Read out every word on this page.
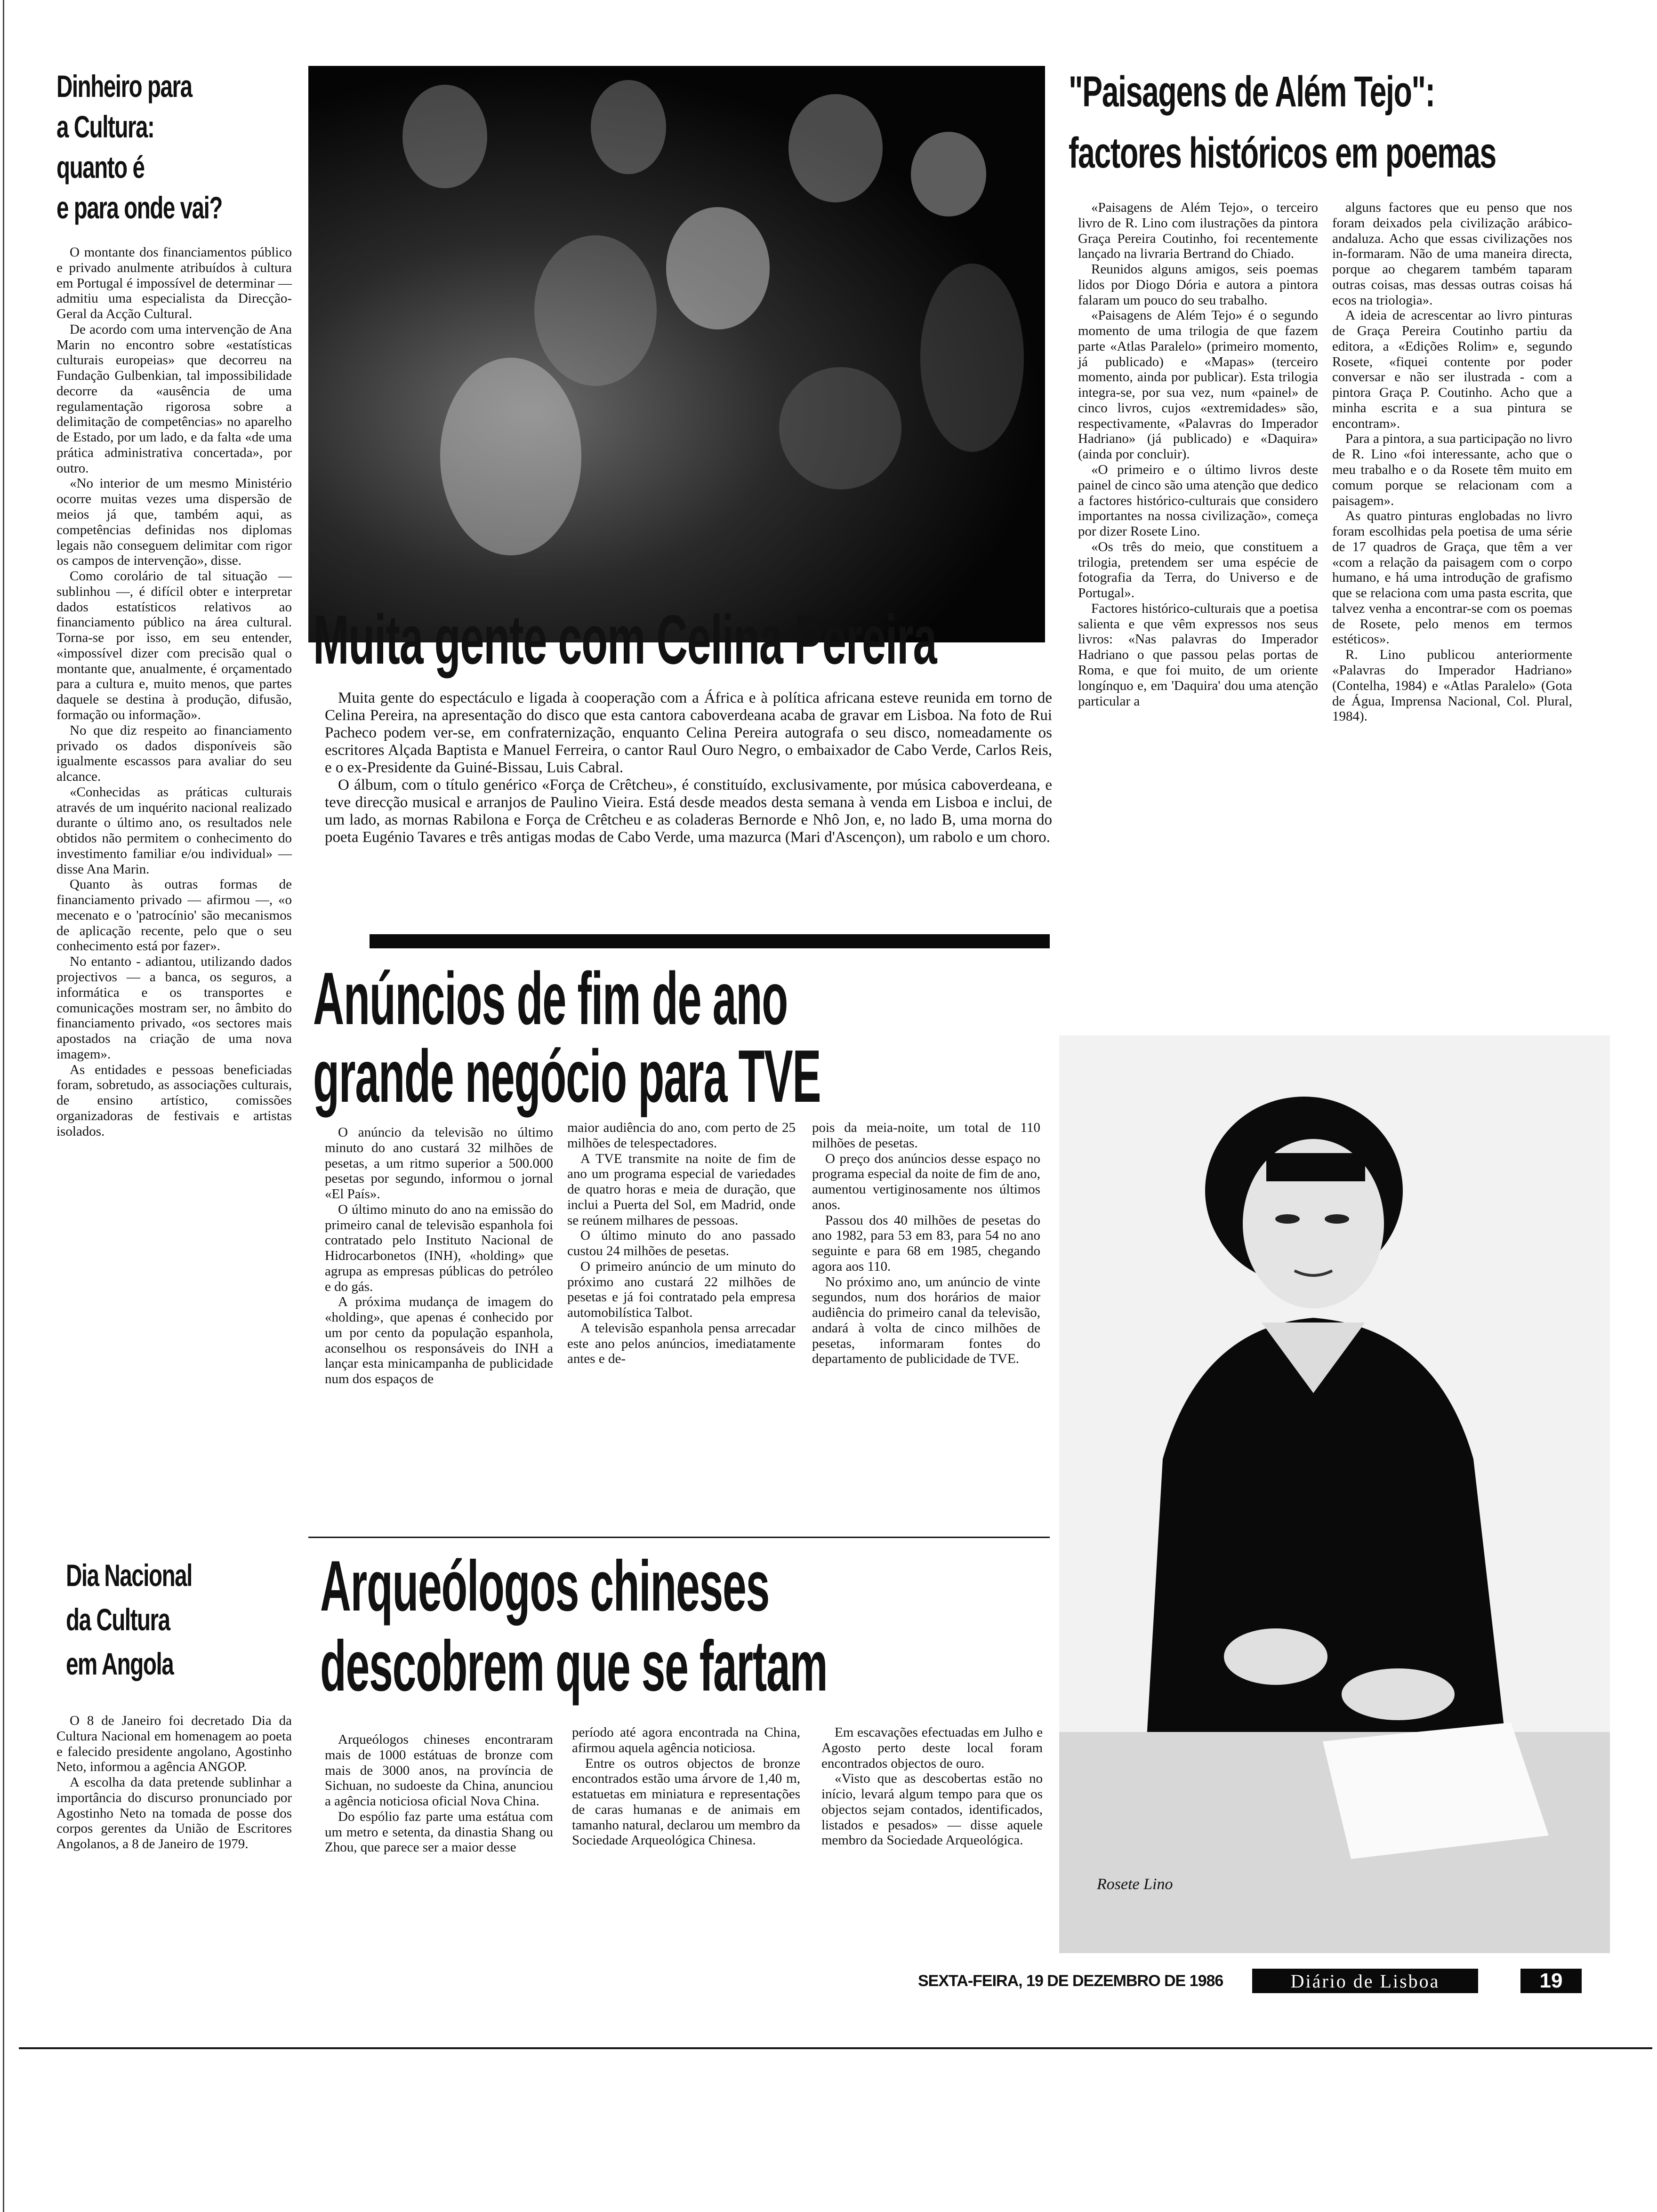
Dinheiro para
a Cultura:
quanto é
e para onde vai?

O montante dos financiamentos público e privado anulmente atribuídos à cultura em Portugal é impossível de determinar — admitiu uma especialista da Direcção-Geral da Acção Cultural.

De acordo com uma intervenção de Ana Marin no encontro sobre «estatísticas culturais europeias» que decorreu na Fundação Gulbenkian, tal impossibilidade decorre da «ausência de uma regulamentação rigorosa sobre a delimitação de competências» no aparelho de Estado, por um lado, e da falta «de uma prática administrativa concertada», por outro.

«No interior de um mesmo Ministério ocorre muitas vezes uma dispersão de meios já que, também aqui, as competências definidas nos diplomas legais não conseguem delimitar com rigor os campos de intervenção», disse.

Como corolário de tal situação — sublinhou —, é difícil obter e interpretar dados estatísticos relativos ao financiamento público na área cultural. Torna-se por isso, em seu entender, «impossível dizer com precisão qual o montante que, anualmente, é orçamentado para a cultura e, muito menos, que partes daquele se destina à produção, difusão, formação ou informação».

No que diz respeito ao financiamento privado os dados disponíveis são igualmente escassos para avaliar do seu alcance.

«Conhecidas as práticas culturais através de um inquérito nacional realizado durante o último ano, os resultados nele obtidos não permitem o conhecimento do investimento familiar e/ou individual» — disse Ana Marin.

Quanto às outras formas de financiamento privado — afirmou —, «o mecenato e o 'patrocínio' são mecanismos de aplicação recente, pelo que o seu conhecimento está por fazer».

No entanto - adiantou, utilizando dados projectivos — a banca, os seguros, a informática e os transportes e comunicações mostram ser, no âmbito do financiamento privado, «os sectores mais apostados na criação de uma nova imagem».

As entidades e pessoas beneficiadas foram, sobretudo, as associações culturais, de ensino artístico, comissões organizadoras de festivais e artistas isolados.

Dia Nacional
da Cultura
em Angola

O 8 de Janeiro foi decretado Dia da Cultura Nacional em homenagem ao poeta e falecido presidente angolano, Agostinho Neto, informou a agência ANGOP.

A escolha da data pretende sublinhar a importância do discurso pronunciado por Agostinho Neto na tomada de posse dos corpos gerentes da União de Escritores Angolanos, a 8 de Janeiro de 1979.

Muita gente com Celina Pereira

Muita gente do espectáculo e ligada à cooperação com a África e à política africana esteve reunida em torno de Celina Pereira, na apresentação do disco que esta cantora caboverdeana acaba de gravar em Lisboa. Na foto de Rui Pacheco podem ver-se, em confraternização, enquanto Celina Pereira autografa o seu disco, nomeadamente os escritores Alçada Baptista e Manuel Ferreira, o cantor Raul Ouro Negro, o embaixador de Cabo Verde, Carlos Reis, e o ex-Presidente da Guiné-Bissau, Luis Cabral.

O álbum, com o título genérico «Força de Crêtcheu», é constituído, exclusivamente, por música caboverdeana, e teve direcção musical e arranjos de Paulino Vieira. Está desde meados desta semana à venda em Lisboa e inclui, de um lado, as mornas Rabilona e Força de Crêtcheu e as coladeras Bernorde e Nhô Jon, e, no lado B, uma morna do poeta Eugénio Tavares e três antigas modas de Cabo Verde, uma mazurca (Mari d'Ascençon), um rabolo e um choro.

"Paisagens de Além Tejo":
factores históricos em poemas

«Paisagens de Além Tejo», o terceiro livro de R. Lino com ilustrações da pintora Graça Pereira Coutinho, foi recentemente lançado na livraria Bertrand do Chiado.

Reunidos alguns amigos, seis poemas lidos por Diogo Dória e autora a pintora falaram um pouco do seu trabalho.

«Paisagens de Além Tejo» é o segundo momento de uma trilogia de que fazem parte «Atlas Paralelo» (primeiro momento, já publicado) e «Mapas» (terceiro momento, ainda por publicar). Esta trilogia integra-se, por sua vez, num «painel» de cinco livros, cujos «extremidades» são, respectivamente, «Palavras do Imperador Hadriano» (já publicado) e «Daquira» (ainda por concluir).

«O primeiro e o último livros deste painel de cinco são uma atenção que dedico a factores histórico-culturais que considero importantes na nossa civilização», começa por dizer Rosete Lino.

«Os três do meio, que constituem a trilogia, pretendem ser uma espécie de fotografia da Terra, do Universo e de Portugal».

Factores histórico-culturais que a poetisa salienta e que vêm expressos nos seus livros: «Nas palavras do Imperador Hadriano o que passou pelas portas de Roma, e que foi muito, de um oriente longínquo e, em 'Daquira' dou uma atenção particular a

alguns factores que eu penso que nos foram deixados pela civilização arábico-andaluza. Acho que essas civilizações nos in-formaram. Não de uma maneira directa, porque ao chegarem também taparam outras coisas, mas dessas outras coisas há ecos na triologia».

A ideia de acrescentar ao livro pinturas de Graça Pereira Coutinho partiu da editora, a «Edições Rolim» e, segundo Rosete, «fiquei contente por poder conversar e não ser ilustrada - com a pintora Graça P. Coutinho. Acho que a minha escrita e a sua pintura se encontram».

Para a pintora, a sua participação no livro de R. Lino «foi interessante, acho que o meu trabalho e o da Rosete têm muito em comum porque se relacionam com a paisagem».

As quatro pinturas englobadas no livro foram escolhidas pela poetisa de uma série de 17 quadros de Graça, que têm a ver «com a relação da paisagem com o corpo humano, e há uma introdução de grafismo que se relaciona com uma pasta escrita, que talvez venha a encontrar-se com os poemas de Rosete, pelo menos em termos estéticos».

R. Lino publicou anteriormente «Palavras do Imperador Hadriano» (Contelha, 1984) e «Atlas Paralelo» (Gota de Água, Imprensa Nacional, Col. Plural, 1984).

Rosete Lino
Anúncios de fim de ano
grande negócio para TVE

O anúncio da televisão no último minuto do ano custará 32 milhões de pesetas, a um ritmo superior a 500.000 pesetas por segundo, informou o jornal «El País».

O último minuto do ano na emissão do primeiro canal de televisão espanhola foi contratado pelo Instituto Nacional de Hidrocarbonetos (INH), «holding» que agrupa as empresas públicas do petróleo e do gás.

A próxima mudança de imagem do «holding», que apenas é conhecido por um por cento da população espanhola, aconselhou os responsáveis do INH a lançar esta minicampanha de publicidade num dos espaços de

maior audiência do ano, com perto de 25 milhões de telespectadores.

A TVE transmite na noite de fim de ano um programa especial de variedades de quatro horas e meia de duração, que inclui a Puerta del Sol, em Madrid, onde se reúnem milhares de pessoas.

O último minuto do ano passado custou 24 milhões de pesetas.

O primeiro anúncio de um minuto do próximo ano custará 22 milhões de pesetas e já foi contratado pela empresa automobilística Talbot.

A televisão espanhola pensa arrecadar este ano pelos anúncios, imediatamente antes e de-

pois da meia-noite, um total de 110 milhões de pesetas.

O preço dos anúncios desse espaço no programa especial da noite de fim de ano, aumentou vertiginosamente nos últimos anos.

Passou dos 40 milhões de pesetas do ano 1982, para 53 em 83, para 54 no ano seguinte e para 68 em 1985, chegando agora aos 110.

No próximo ano, um anúncio de vinte segundos, num dos horários de maior audiência do primeiro canal da televisão, andará à volta de cinco milhões de pesetas, informaram fontes do departamento de publicidade de TVE.

Arqueólogos chineses
descobrem que se fartam

Arqueólogos chineses encontraram mais de 1000 estátuas de bronze com mais de 3000 anos, na província de Sichuan, no sudoeste da China, anunciou a agência noticiosa oficial Nova China.

Do espólio faz parte uma estátua com um metro e setenta, da dinastia Shang ou Zhou, que parece ser a maior desse

período até agora encontrada na China, afirmou aquela agência noticiosa.

Entre os outros objectos de bronze encontrados estão uma árvore de 1,40 m, estatuetas em miniatura e representações de caras humanas e de animais em tamanho natural, declarou um membro da Sociedade Arqueológica Chinesa.

Em escavações efectuadas em Julho e Agosto perto deste local foram encontrados objectos de ouro.

«Visto que as descobertas estão no início, levará algum tempo para que os objectos sejam contados, identificados, listados e pesados» — disse aquele membro da Sociedade Arqueológica.

SEXTA-FEIRA, 19 DE DEZEMBRO DE 1986	Diário de Lisboa	19
